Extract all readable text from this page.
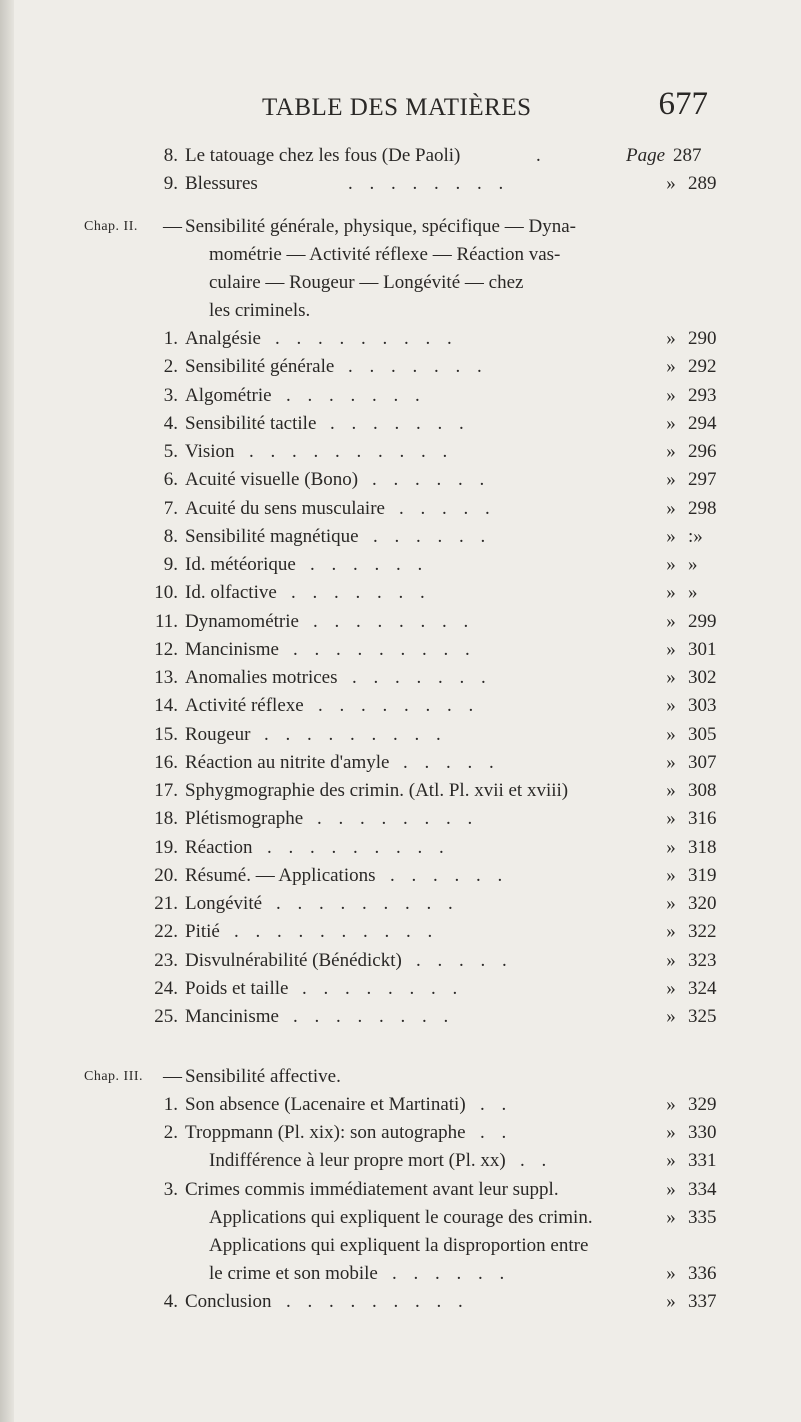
TABLE DES MATIÈRES	677
8. Le tatouage chez les fous (De Paoli)	.	Page 287
9. Blessures	. . . . . . . .	» 289
Chap. II. — Sensibilité générale, physique, spécifique — Dyna-
mométrie — Activité réflexe — Réaction vas-
culaire — Rougeur — Longévité — chez
les criminels.
1. Analgésie . . . . . . . . .	» 290
2. Sensibilité générale . . . . . . .	» 292
3. Algométrie . . . . . . .	» 293
4. Sensibilité tactile . . . . . . .	» 294
5. Vision . . . . . . . . . .	» 296
6. Acuité visuelle (Bono) . . . . . .	» 297
7. Acuité du sens musculaire . . . . .	» 298
8. Sensibilité magnétique . . . . . .	» :»
9. Id. météorique . . . . . .	» »
10. Id. olfactive . . . . . . .	» »
11. Dynamométrie . . . . . . . .	» 299
12. Mancinisme . . . . . . . . .	» 301
13. Anomalies motrices . . . . . . .	» 302
14. Activité réflexe . . . . . . . .	» 303
15. Rougeur . . . . . . . . .	» 305
16. Réaction au nitrite d'amyle . . . . .	» 307
17. Sphygmographie des crimin. (Atl. Pl. xvii et xviii)	» 308
18. Plétismographe . . . . . . . .	» 316
19. Réaction . . . . . . . . .	» 318
20. Résumé. — Applications . . . . . .	» 319
21. Longévité . . . . . . . . .	» 320
22. Pitié . . . . . . . . . .	» 322
23. Disvulnérabilité (Bénédickt) . . . . .	» 323
24. Poids et taille . . . . . . . .	» 324
25. Mancinisme . . . . . . . .	» 325
Chap. III. — Sensibilité affective.
1. Son absence (Lacenaire et Martinati) . .	» 329
2. Troppmann (Pl. xix): son autographe . .	» 330
Indifférence à leur propre mort (Pl. xx) . .	» 331
3. Crimes commis immédiatement avant leur suppl.	» 334
Applications qui expliquent le courage des crimin.	» 335
Applications qui expliquent la disproportion entre
le crime et son mobile . . . . . .	» 336
4. Conclusion . . . . . . . . .	» 337
